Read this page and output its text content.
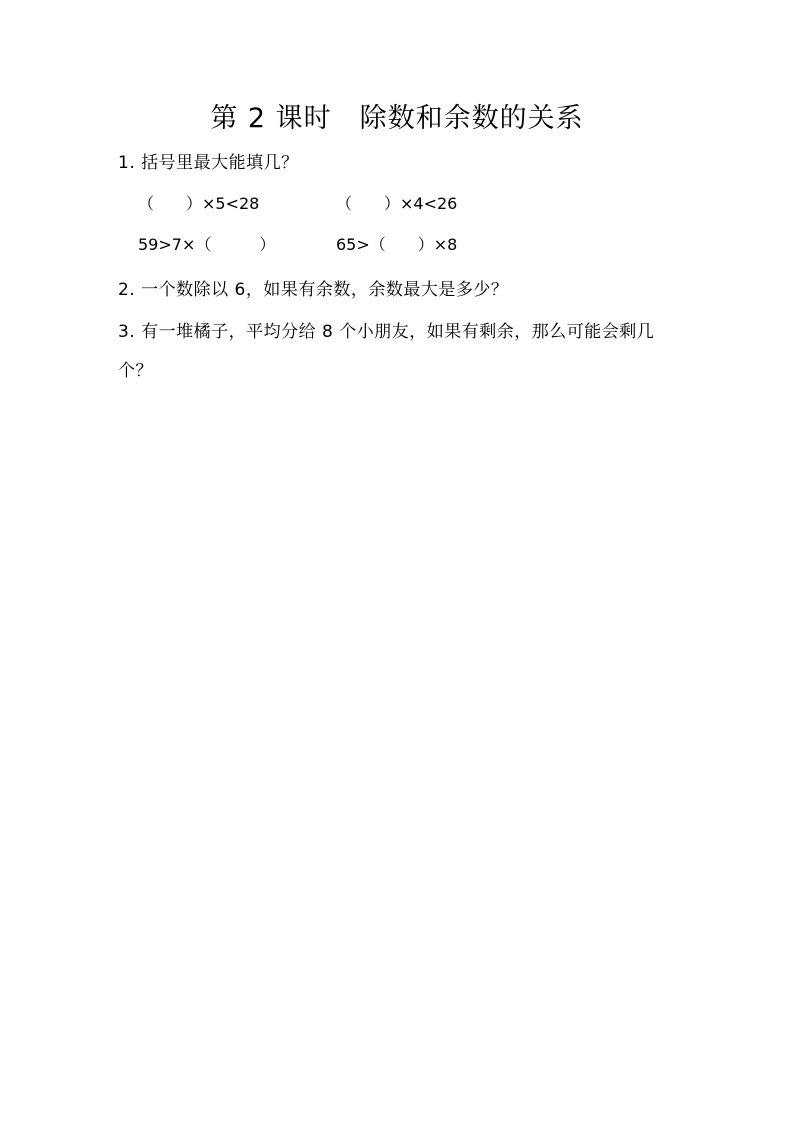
第 2 课时　除数和余数的关系
1. 括号里最大能填几？
（　　）×5<28	（　　）×4<26
59>7×（　　　）	65>（　　）×8
2. 一个数除以 6，如果有余数，余数最大是多少？
3. 有一堆橘子，平均分给 8 个小朋友，如果有剩余，那么可能会剩几
个？
